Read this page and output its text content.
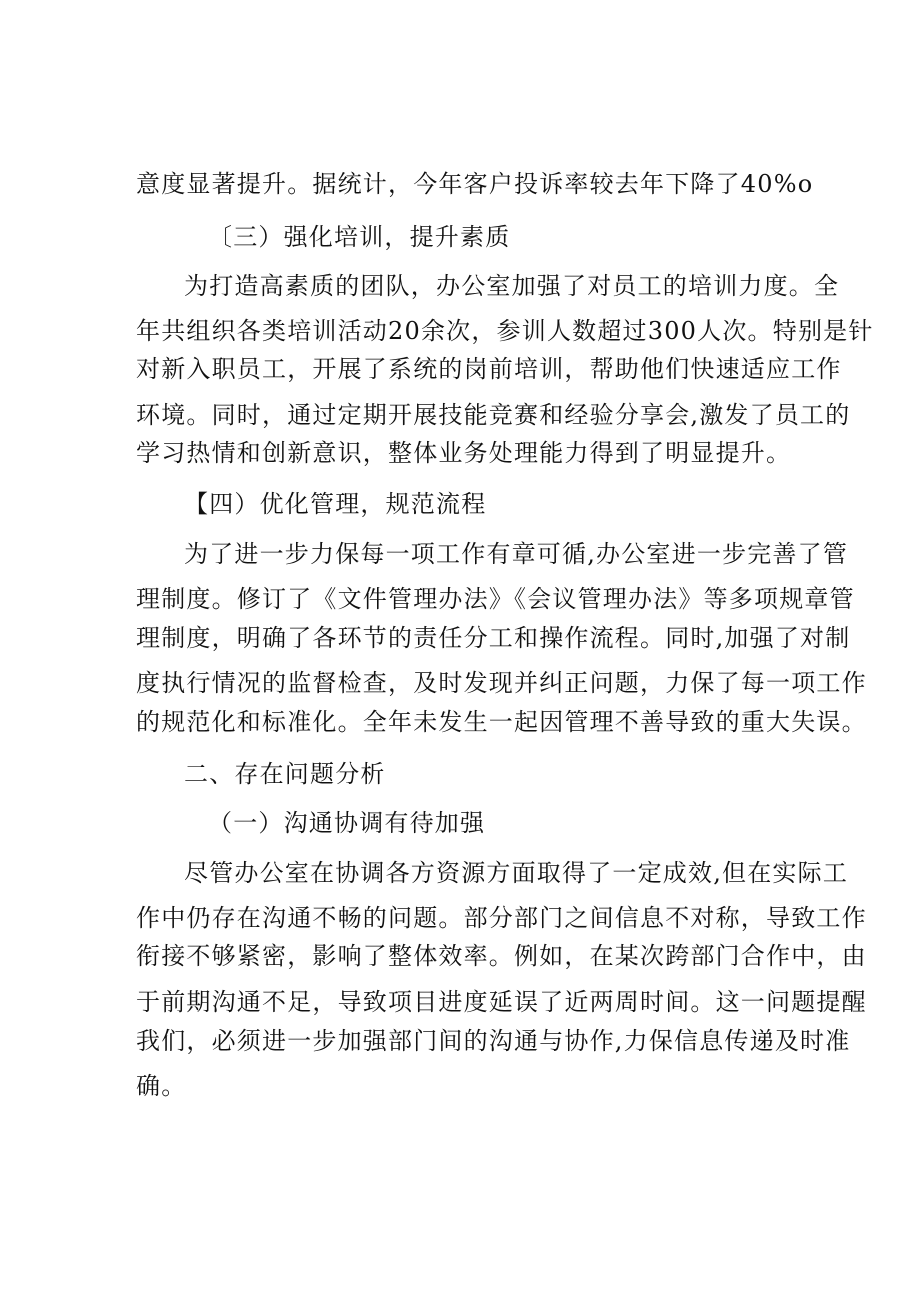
意度显著提升。据统计，今年客户投诉率较去年下降了40%o
〔三）强化培训，提升素质
为打造高素质的团队，办公室加强了对员工的培训力度。全
年共组织各类培训活动20余次，参训人数超过300人次。特别是针
对新入职员工，开展了系统的岗前培训，帮助他们快速适应工作
环境。同时，通过定期开展技能竞赛和经验分享会,激发了员工的
学习热情和创新意识，整体业务处理能力得到了明显提升。
【四）优化管理，规范流程
为了进一步力保每一项工作有章可循,办公室进一步完善了管
理制度。修订了《文件管理办法》《会议管理办法》等多项规章管
理制度，明确了各环节的责任分工和操作流程。同时,加强了对制
度执行情况的监督检查，及时发现并纠正问题，力保了每一项工作
的规范化和标准化。全年未发生一起因管理不善导致的重大失误。
二、存在问题分析
（一）沟通协调有待加强
尽管办公室在协调各方资源方面取得了一定成效,但在实际工
作中仍存在沟通不畅的问题。部分部门之间信息不对称，导致工作
衔接不够紧密，影响了整体效率。例如，在某次跨部门合作中，由
于前期沟通不足，导致项目进度延误了近两周时间。这一问题提醒
我们，必须进一步加强部门间的沟通与协作,力保信息传递及时准
确。
